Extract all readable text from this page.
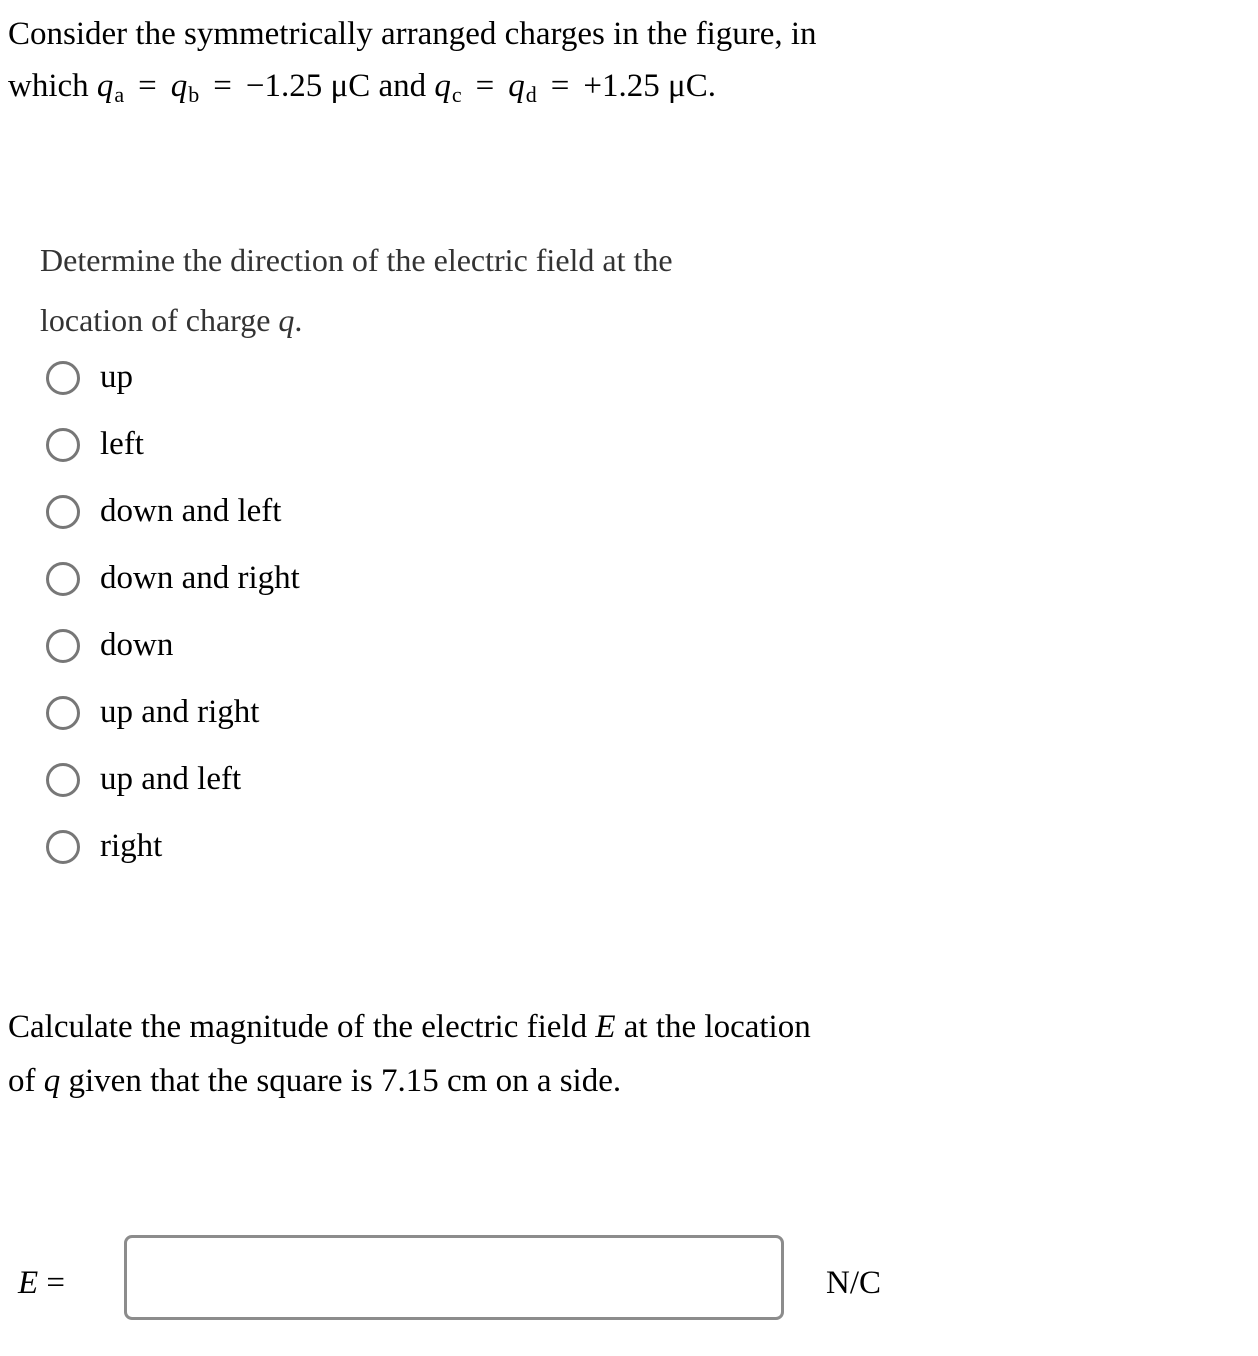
Consider the symmetrically arranged charges in the figure, in
which $q_a = q_b = -1.25$ μC and $q_c = q_d = +1.25$ μC.
Determine the direction of the electric field at the
location of charge q.
up
left
down and left
down and right
down
up and right
up and left
right
Calculate the magnitude of the electric field E at the location
of q given that the square is 7.15 cm on a side.
E =	N/C
